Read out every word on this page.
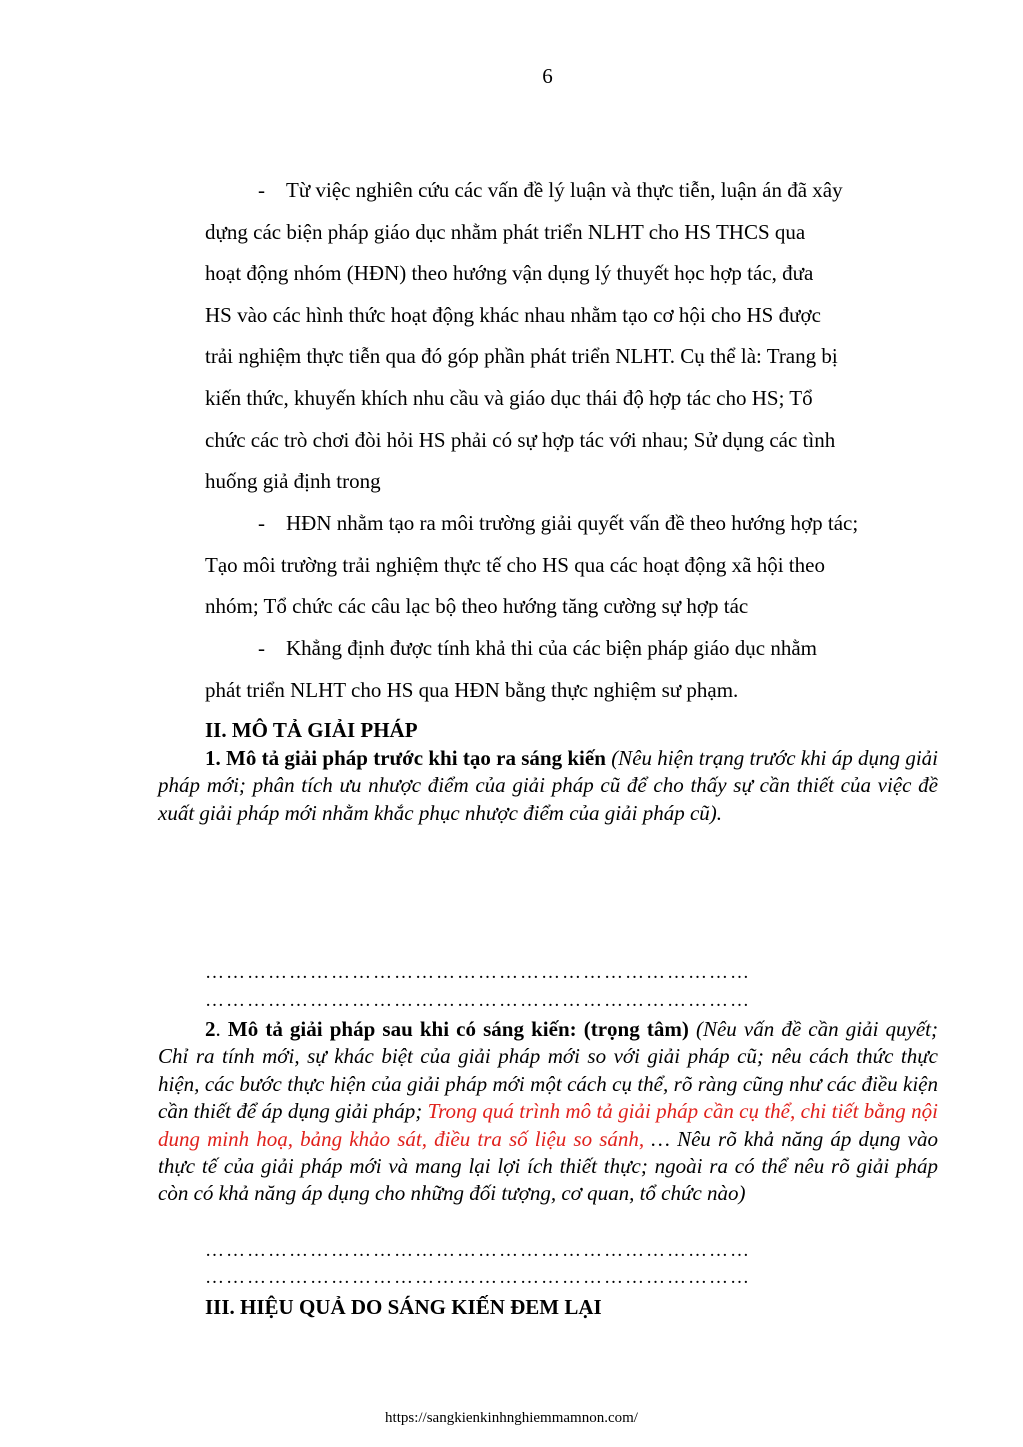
6
- Từ việc nghiên cứu các vấn đề lý luận và thực tiễn, luận án đã xây
dựng các biện pháp giáo dục nhằm phát triển NLHT cho HS THCS qua
hoạt động nhóm (HĐN) theo hướng vận dụng lý thuyết học hợp tác, đưa
HS vào các hình thức hoạt động khác nhau nhằm tạo cơ hội cho HS được
trải nghiệm thực tiễn qua đó góp phần phát triển NLHT. Cụ thể là: Trang bị
kiến thức, khuyến khích nhu cầu và giáo dục thái độ hợp tác cho HS; Tổ
chức các trò chơi đòi hỏi HS phải có sự hợp tác với nhau; Sử dụng các tình
huống giả định trong
- HĐN nhằm tạo ra môi trường giải quyết vấn đề theo hướng hợp tác;
Tạo môi trường trải nghiệm thực tế cho HS qua các hoạt động xã hội theo
nhóm; Tổ chức các câu lạc bộ theo hướng tăng cường sự hợp tác
- Khẳng định được tính khả thi của các biện pháp giáo dục nhằm
phát triển NLHT cho HS qua HĐN bằng thực nghiệm sư phạm.
II. MÔ TẢ GIẢI PHÁP
1. Mô tả giải pháp trước khi tạo ra sáng kiến (Nêu hiện trạng trước khi áp dụng giải pháp mới; phân tích ưu nhược điểm của giải pháp cũ để cho thấy sự cần thiết của việc đề xuất giải pháp mới nhằm khắc phục nhược điểm của giải pháp cũ).
……………………………………………………………………
……………………………………………………………………
2. Mô tả giải pháp sau khi có sáng kiến: (trọng tâm) (Nêu vấn đề cần giải quyết; Chỉ ra tính mới, sự khác biệt của giải pháp mới so với giải pháp cũ; nêu cách thức thực hiện, các bước thực hiện của giải pháp mới một cách cụ thể, rõ ràng cũng như các điều kiện cần thiết để áp dụng giải pháp; Trong quá trình mô tả giải pháp cần cụ thể, chi tiết bằng nội dung minh hoạ, bảng khảo sát, điều tra số liệu so sánh, … Nêu rõ khả năng áp dụng vào thực tế của giải pháp mới và mang lại lợi ích thiết thực; ngoài ra có thể nêu rõ giải pháp còn có khả năng áp dụng cho những đối tượng, cơ quan, tổ chức nào)
……………………………………………………………………
……………………………………………………………………
III. HIỆU QUẢ DO SÁNG KIẾN ĐEM LẠI
https://sangkienkinhnghiemmamnon.com/
